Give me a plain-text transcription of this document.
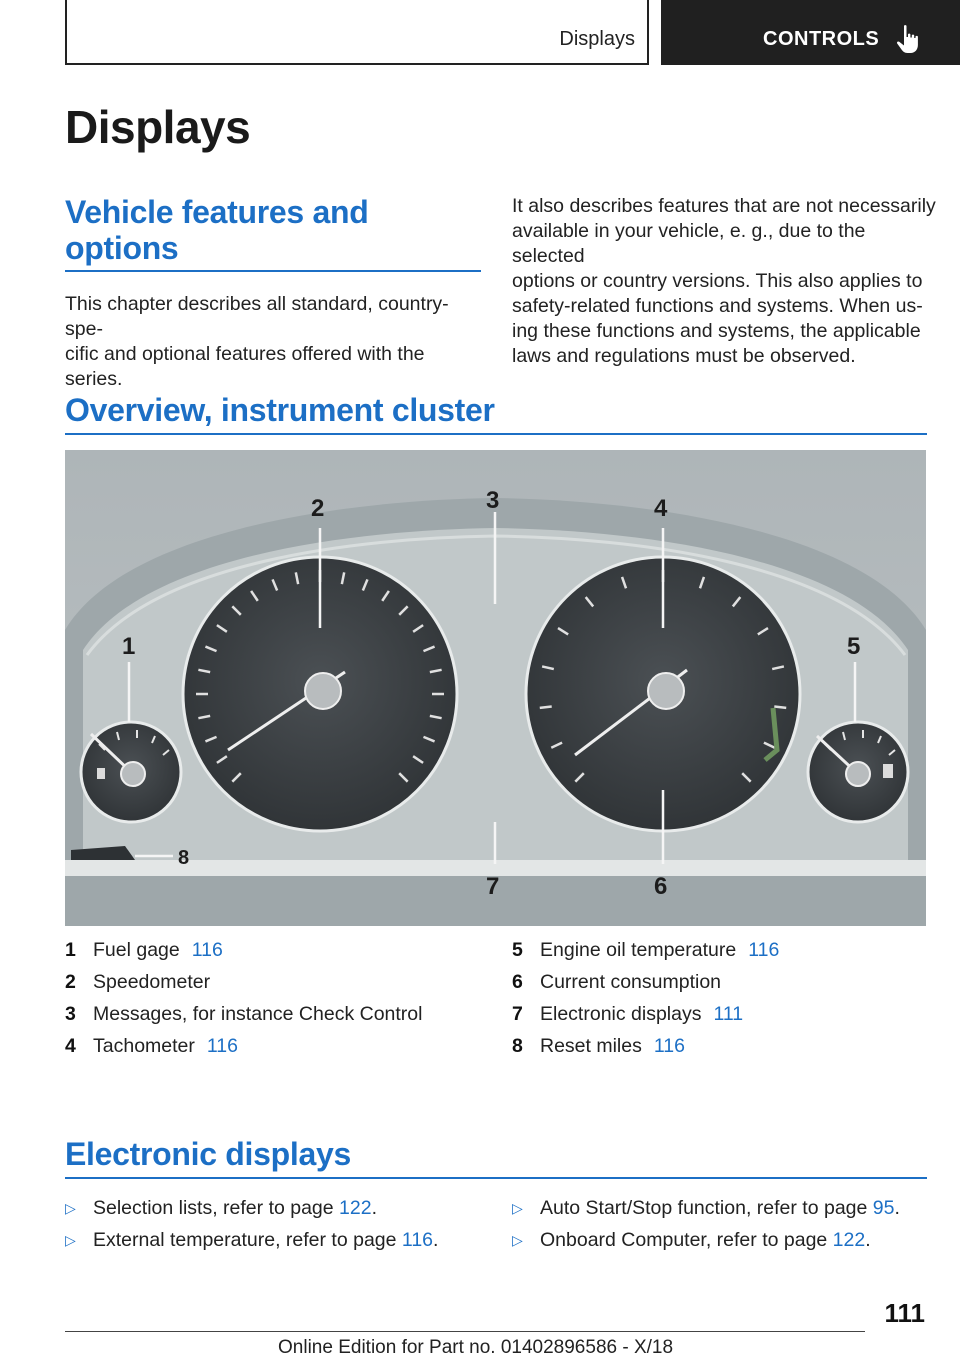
Displays	CONTROLS
Displays
Vehicle features and
options
This chapter describes all standard, country-spe‐
cific and optional features offered with the series.
It also describes features that are not necessarily
available in your vehicle, e. g., due to the selected
options or country versions. This also applies to
safety-related functions and systems. When us‐
ing these functions and systems, the applicable
laws and regulations must be observed.
Overview, instrument cluster
1
2	3	4
5
6
7
8
1 Fuel gage 116
2 Speedometer
3 Messages, for instance Check Control
4 Tachometer 116
5 Engine oil temperature 116
6 Current consumption
7 Electronic displays 111
8 Reset miles 116
Electronic displays
▷ Selection lists, refer to page 122.
▷ External temperature, refer to page 116.
▷ Auto Start/Stop function, refer to page 95.
▷ Onboard Computer, refer to page 122.
111
Online Edition for Part no. 01402896586 - X/18
